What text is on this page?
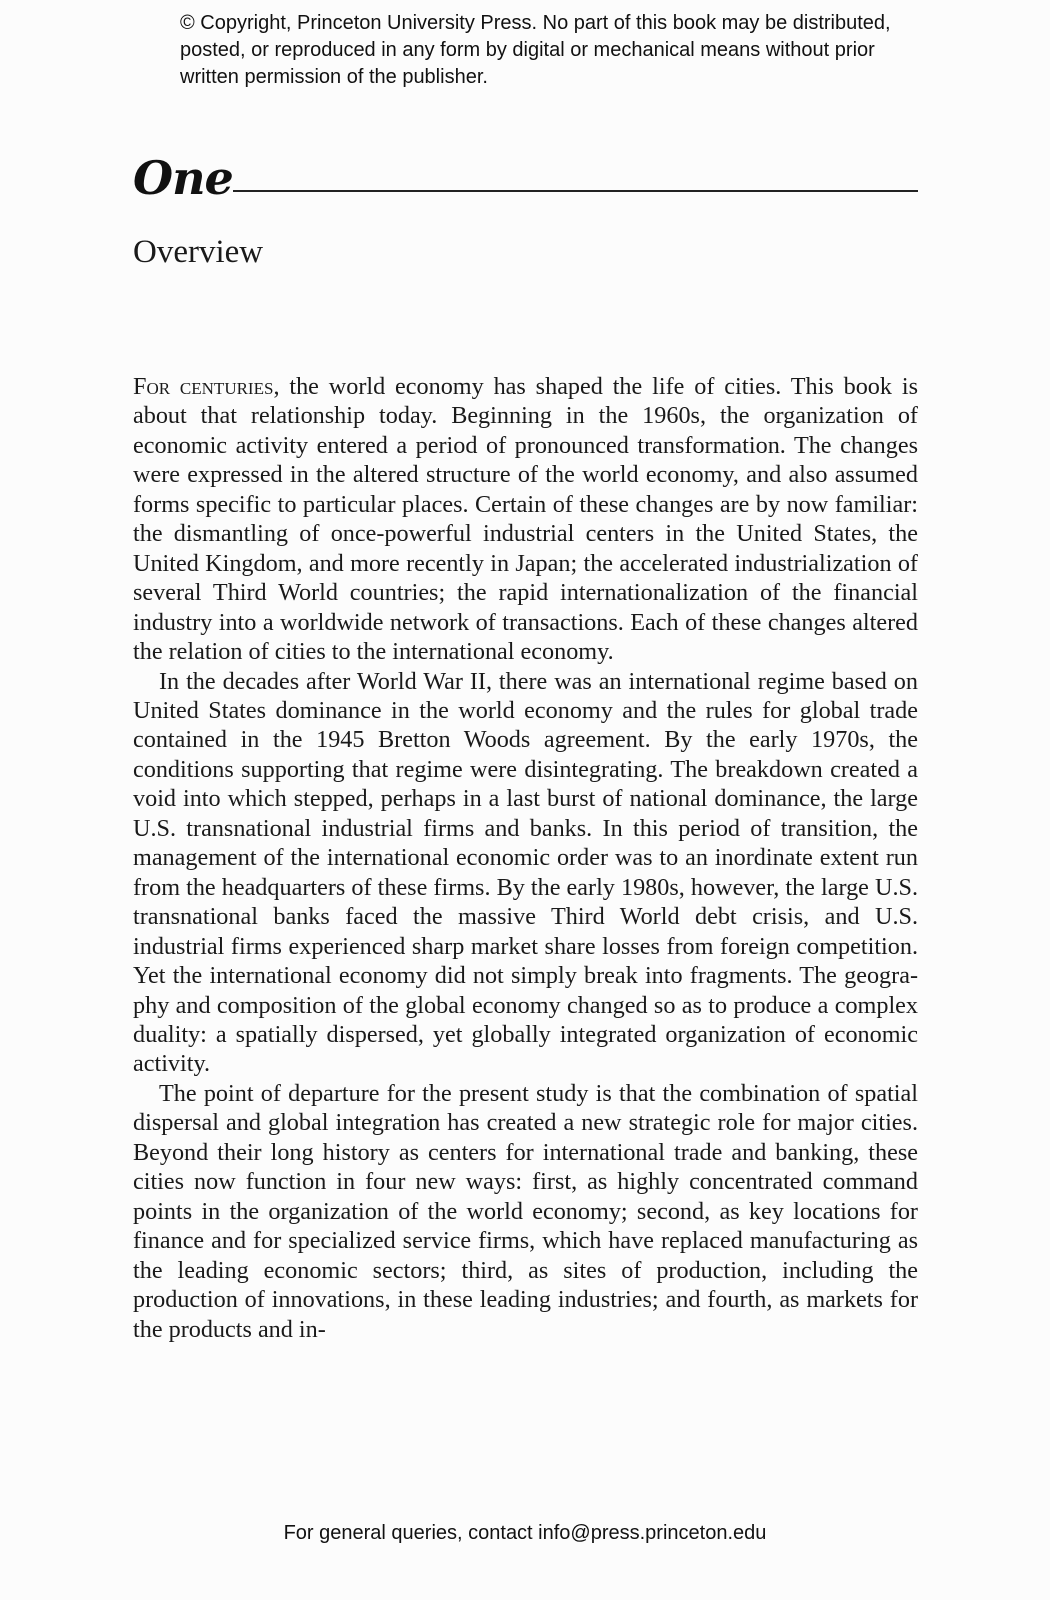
© Copyright, Princeton University Press. No part of this book may be distributed, posted, or reproduced in any form by digital or mechanical means without prior written permission of the publisher.
One
Overview

For centuries, the world economy has shaped the life of cities. This book is about that relationship today. Beginning in the 1960s, the organization of economic activity entered a period of pronounced transformation. The changes were expressed in the altered structure of the world economy, and also assumed forms specific to particular places. Certain of these changes are by now familiar: the dismantling of once-powerful industrial centers in the United States, the United Kingdom, and more recently in Japan; the accelerated industrialization of several Third World countries; the rapid internationalization of the financial industry into a worldwide network of transactions. Each of these changes altered the relation of cities to the international economy.

In the decades after World War II, there was an international regime based on United States dominance in the world economy and the rules for global trade contained in the 1945 Bretton Woods agreement. By the early 1970s, the conditions supporting that regime were disintegrating. The breakdown created a void into which stepped, perhaps in a last burst of national dominance, the large U.S. transnational industrial firms and banks. In this period of transition, the management of the international economic order was to an inordinate extent run from the headquarters of these firms. By the early 1980s, however, the large U.S. transnational banks faced the massive Third World debt crisis, and U.S. industrial firms experienced sharp market share losses from foreign competition. Yet the international economy did not simply break into fragments. The geography and composition of the global economy changed so as to produce a complex duality: a spatially dispersed, yet globally integrated organization of economic activity.

The point of departure for the present study is that the combination of spatial dispersal and global integration has created a new strategic role for major cities. Beyond their long history as centers for international trade and banking, these cities now function in four new ways: first, as highly concentrated command points in the organization of the world economy; second, as key locations for finance and for specialized service firms, which have replaced manufacturing as the leading economic sectors; third, as sites of production, including the production of innovations, in these leading industries; and fourth, as markets for the products and in-

For general queries, contact info@press.princeton.edu
